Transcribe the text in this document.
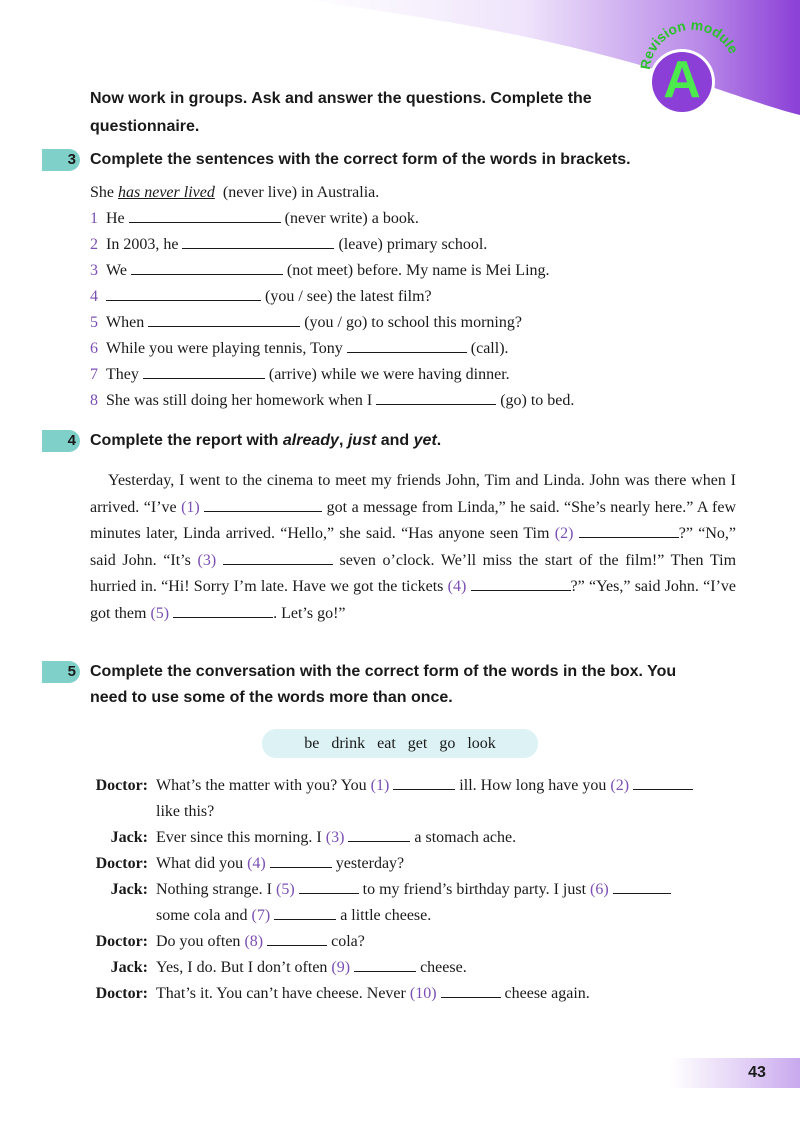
Revision module
A
Now work in groups. Ask and answer the questions. Complete the
questionnaire.
3 Complete the sentences with the correct form of the words in brackets.
She has never lived  (never live) in Australia.
1 He	(never write) a book.
2 In 2003, he	(leave) primary school.
3 We	(not meet) before. My name is Mei Ling.
4	(you / see) the latest film?
5 When	(you / go) to school this morning?
6 While you were playing tennis, Tony	(call).
7 They	(arrive) while we were having dinner.
8 She was still doing her homework when I	(go) to bed.
4 Complete the report with already, just and yet.
Yesterday, I went to the cinema to meet my friends John, Tim and Linda. John was there when I arrived. “I’ve (1)	got a message from Linda,” he said. “She’s nearly here.” A few minutes later, Linda arrived. “Hello,” she said. “Has anyone seen Tim (2)	?” “No,” said John. “It’s (3)	seven o’clock. We’ll miss the start of the film!” Then Tim hurried in. “Hi! Sorry I’m late. Have we got the tickets (4)	?” “Yes,” said John. “I’ve got them (5)	. Let’s go!”
5 Complete the conversation with the correct form of the words in the box. You
need to use some of the words more than once.
be drink eat get go look
Doctor: What’s the matter with you? You (1)	ill. How long have you (2)
like this?
Jack: Ever since this morning. I (3)	a stomach ache.
Doctor: What did you (4)	yesterday?
Jack: Nothing strange. I (5)	to my friend’s birthday party. I just (6)
some cola and (7)	a little cheese.
Doctor: Do you often (8)	cola?
Jack: Yes, I do. But I don’t often (9)	cheese.
Doctor: That’s it. You can’t have cheese. Never (10)	cheese again.
43
